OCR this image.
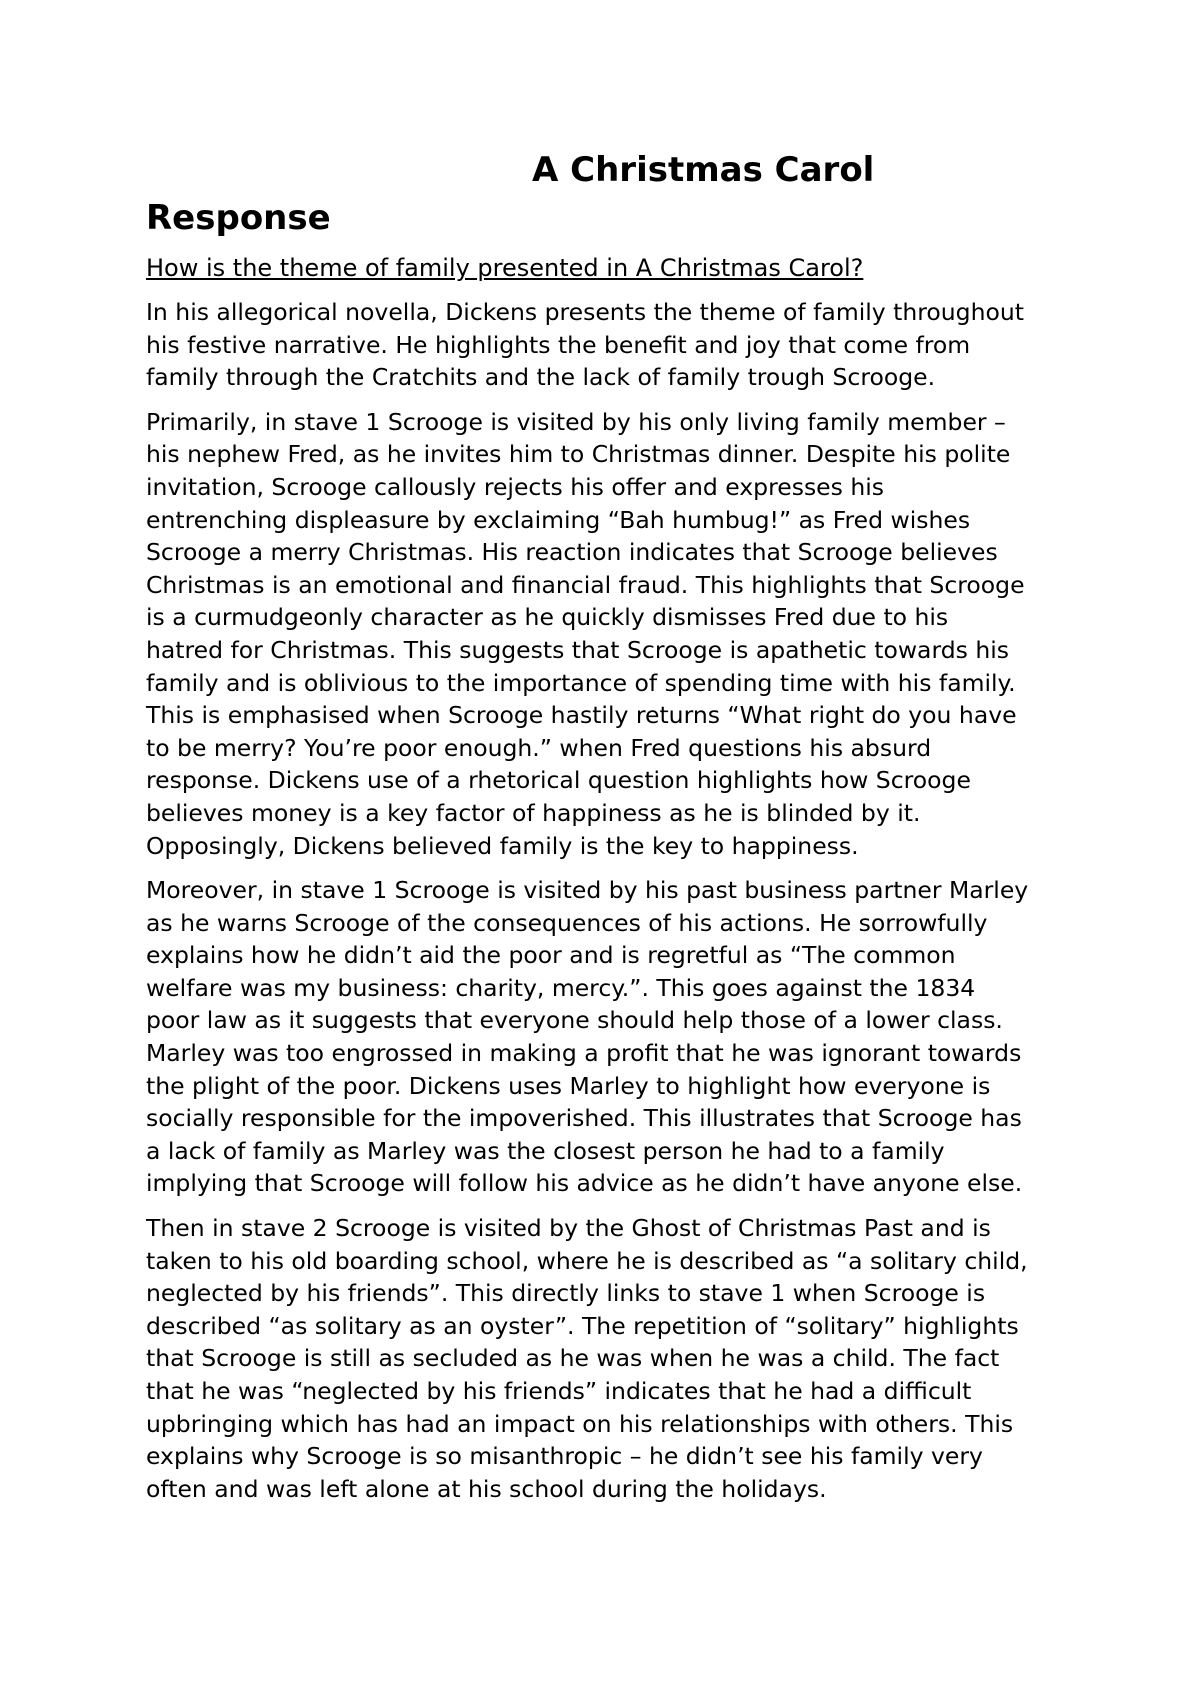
A Christmas Carol
Response

How is the theme of family presented in A Christmas Carol?

In his allegorical novella, Dickens presents the theme of family throughout
his festive narrative. He highlights the benefit and joy that come from
family through the Cratchits and the lack of family trough Scrooge.

Primarily, in stave 1 Scrooge is visited by his only living family member –
his nephew Fred, as he invites him to Christmas dinner. Despite his polite
invitation, Scrooge callously rejects his offer and expresses his
entrenching displeasure by exclaiming “Bah humbug!” as Fred wishes
Scrooge a merry Christmas. His reaction indicates that Scrooge believes
Christmas is an emotional and financial fraud. This highlights that Scrooge
is a curmudgeonly character as he quickly dismisses Fred due to his
hatred for Christmas. This suggests that Scrooge is apathetic towards his
family and is oblivious to the importance of spending time with his family.
This is emphasised when Scrooge hastily returns “What right do you have
to be merry? You’re poor enough.” when Fred questions his absurd
response. Dickens use of a rhetorical question highlights how Scrooge
believes money is a key factor of happiness as he is blinded by it.
Opposingly, Dickens believed family is the key to happiness.

Moreover, in stave 1 Scrooge is visited by his past business partner Marley
as he warns Scrooge of the consequences of his actions. He sorrowfully
explains how he didn’t aid the poor and is regretful as “The common
welfare was my business: charity, mercy.”. This goes against the 1834
poor law as it suggests that everyone should help those of a lower class.
Marley was too engrossed in making a profit that he was ignorant towards
the plight of the poor. Dickens uses Marley to highlight how everyone is
socially responsible for the impoverished. This illustrates that Scrooge has
a lack of family as Marley was the closest person he had to a family
implying that Scrooge will follow his advice as he didn’t have anyone else.

Then in stave 2 Scrooge is visited by the Ghost of Christmas Past and is
taken to his old boarding school, where he is described as “a solitary child,
neglected by his friends”. This directly links to stave 1 when Scrooge is
described “as solitary as an oyster”. The repetition of “solitary” highlights
that Scrooge is still as secluded as he was when he was a child. The fact
that he was “neglected by his friends” indicates that he had a difficult
upbringing which has had an impact on his relationships with others. This
explains why Scrooge is so misanthropic – he didn’t see his family very
often and was left alone at his school during the holidays.
